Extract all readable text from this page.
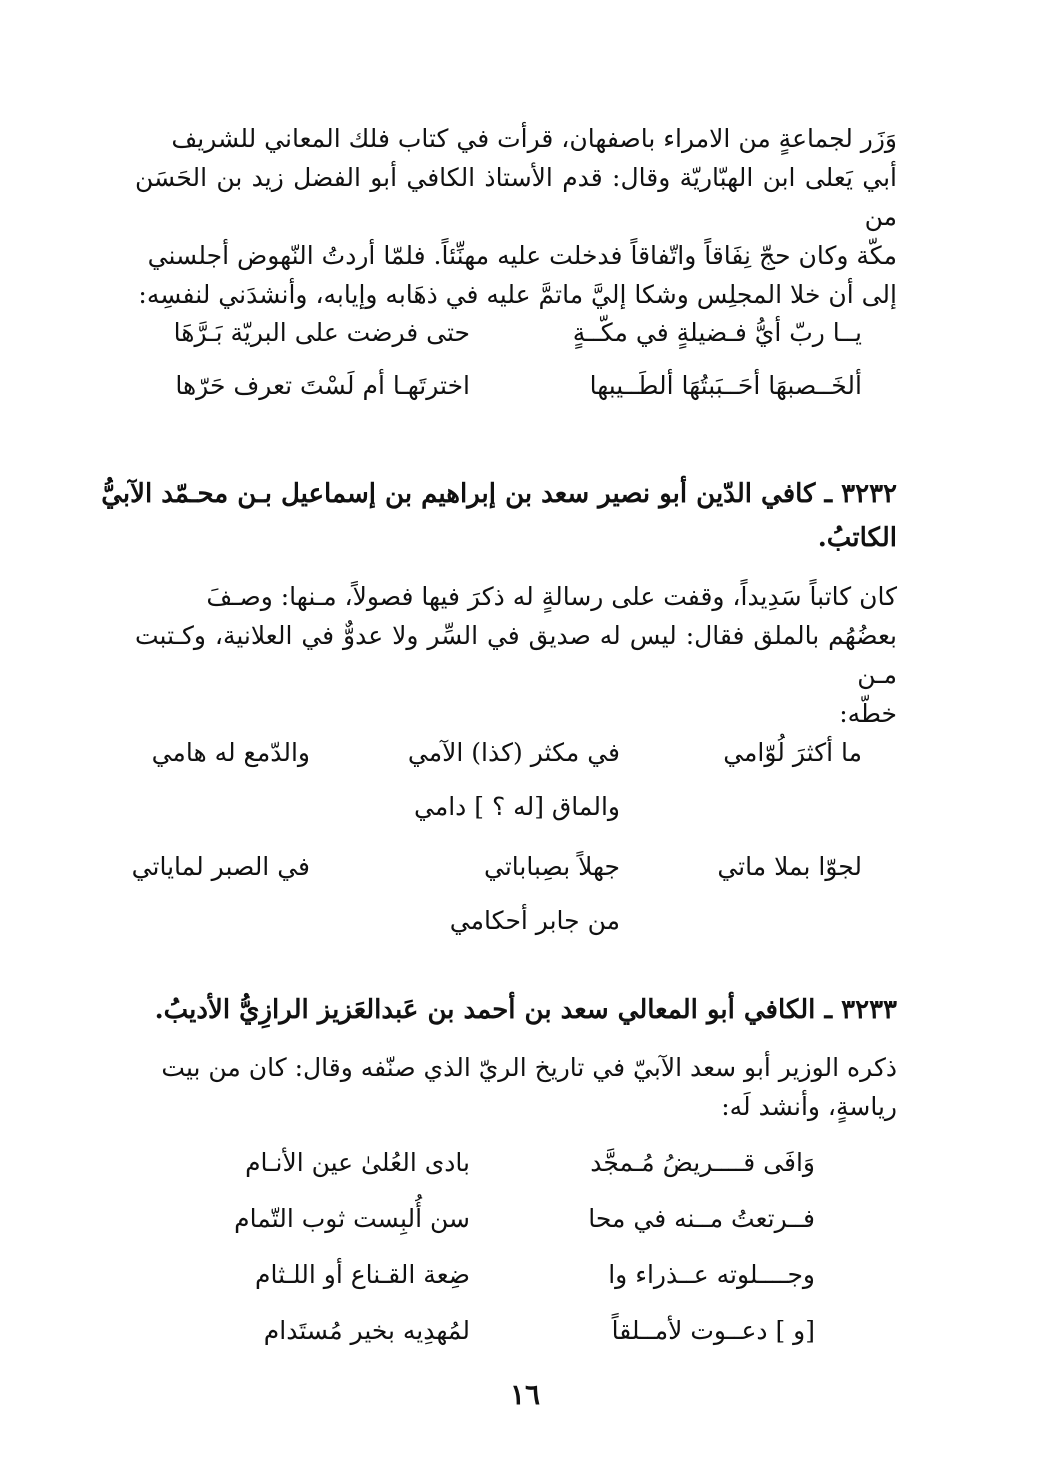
وَزَر لجماعةٍ من الامراء باصفهان، قرأت في كتاب فلك المعاني للشريف

أبي يَعلى ابن الهبّاريّة وقال: قدم الأستاذ الكافي أبو الفضل زيد بن الحَسَن من

مكّة وكان حجّ نِفَاقاً واتّفاقاً فدخلت عليه مهنِّئاً. فلمّا أردتُ النّهوض أجلسني

إلى أن خلا المجلِس وشكا إليَّ ماتمَّ عليه في ذهَابه وإيابه، وأنشدَني لنفسِه:

يــا ربّ أيُّ فـضيلةٍ في مكّــةٍ
حتى فرضت على البريّة بَـرَّهَا
ألخَــصبهَا أحَــبَبتُهَا ألطَــيبها
اخترتَهـا أم لَسْتَ تعرف حَرّها
٣٢٣٢ ـ كافي الدّين أبو نصير سعد بن إبراهيم بن إسماعيل بـن محـمّد الآبيُّ
الكاتبُ.

كان كاتباً سَدِيداً، وقفت على رسالةٍ له ذكرَ فيها فصولاً، مـنها: وصـفَ

بعضُهُم بالملق فقال: ليس له صديق في السِّر ولا عدوٌّ في العلانية، وكـتبت مـن

خطّه:

ما أكثرَ لُوّامي
في مكثر (كذا) الآمي
والدّمع له هامي
والماق [له ؟ ] دامي
لجوّا بملا ماتي
جهلاً بصِباباتي
في الصبر لماياتي
من جابر أحكامي
٣٢٣٣ ـ الكافي أبو المعالي سعد بن أحمد بن عَبدالعَزيز الرازِيُّ الأديبُ.

ذكره الوزير أبو سعد الآبيّ في تاريخ الريّ الذي صنّفه وقال: كان من بيت

رياسةٍ، وأنشد لَه:

وَافَى قــــريضُ مُـمجَّد
بادى العُلىٰ عين الأنـام
فــرتعتُ مــنه في محا
سن أُلبِست ثوب التّمام
وجــــلوته عــذراء وا
ضِعة القـناع أو اللـثام
[و ] دعــوت لأمــلقاً
لمُهدِيه بخير مُستَدام
١٦
